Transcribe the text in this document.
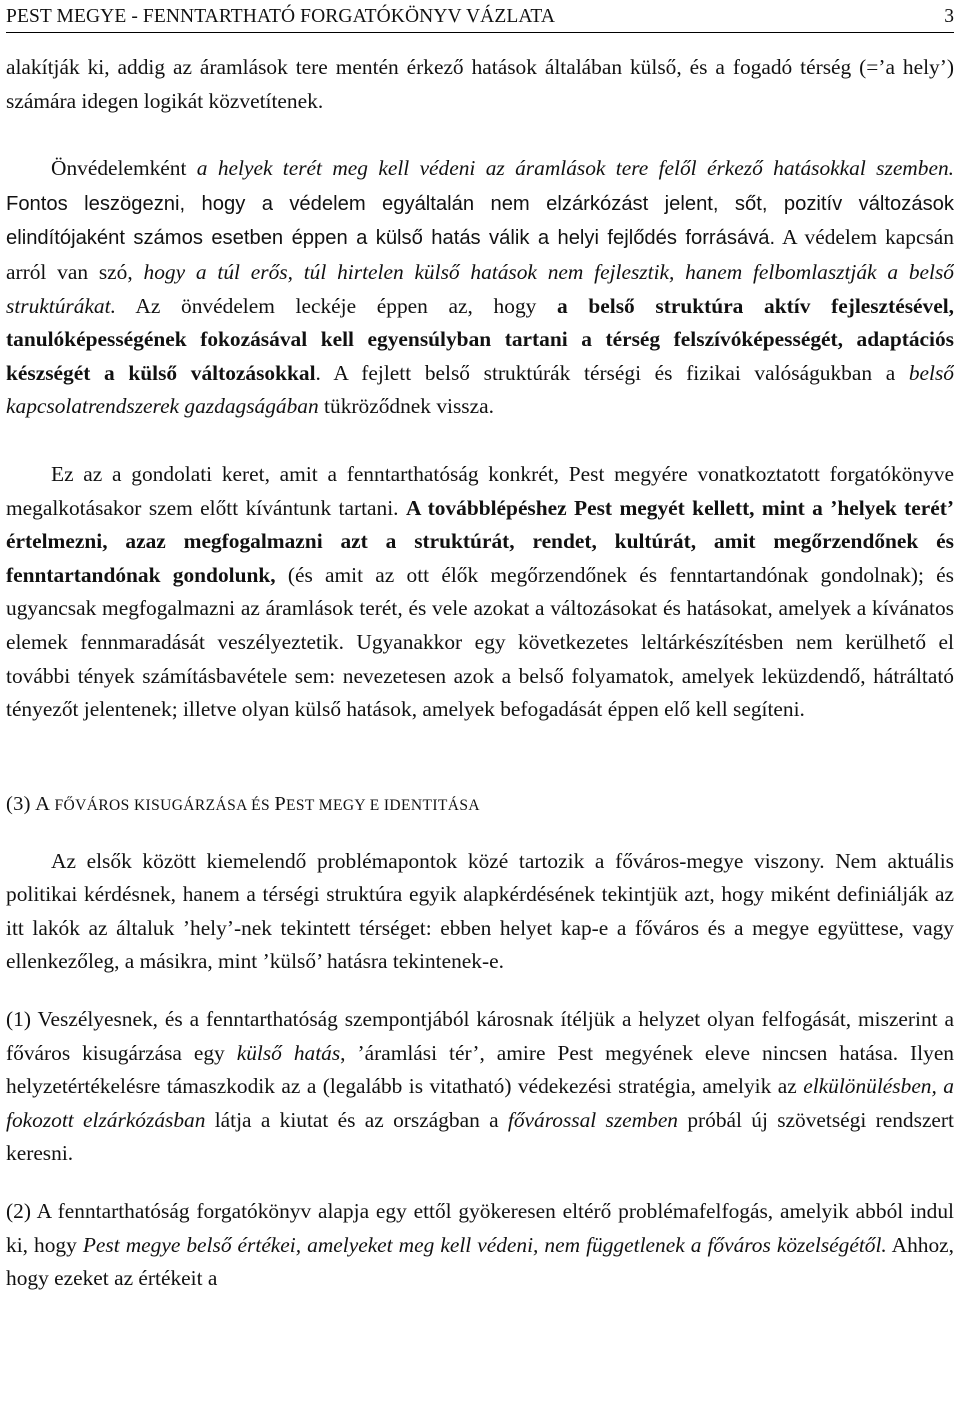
PEST MEGYE - FENNTARTHATÓ FORGATÓKÖNYV VÁZLATA	3

alakítják ki, addig az áramlások tere mentén érkező hatások általában külső, és a fogadó térség (=’a hely’) számára idegen logikát közvetítenek.

Önvédelemként a helyek terét meg kell védeni az áramlások tere felől érkező hatásokkal szemben. Fontos leszögezni, hogy a védelem egyáltalán nem elzárkózást jelent, sőt, pozitív változások elindítójaként számos esetben éppen a külső hatás válik a helyi fejlődés forrásává. A védelem kapcsán arról van szó, hogy a túl erős, túl hirtelen külső hatások nem fejlesztik, hanem felbomlasztják a belső struktúrákat. Az önvédelem leckéje éppen az, hogy a belső struktúra aktív fejlesztésével, tanulóképességének fokozásával kell egyensúlyban tartani a térség felszívóképességét, adaptációs készségét a külső változásokkal. A fejlett belső struktúrák térségi és fizikai valóságukban a belső kapcsolatrendszerek gazdagságában tükröződnek vissza.

Ez az a gondolati keret, amit a fenntarthatóság konkrét, Pest megyére vonatkoztatott forgatókönyve megalkotásakor szem előtt kívántunk tartani. A továbblépéshez Pest megyét kellett, mint a ’helyek terét’ értelmezni, azaz megfogalmazni azt a struktúrát, rendet, kultúrát, amit megőrzendőnek és fenntartandónak gondolunk, (és amit az ott élők megőrzendőnek és fenntartandónak gondolnak); és ugyancsak megfogalmazni az áramlások terét, és vele azokat a változásokat és hatásokat, amelyek a kívánatos elemek fennmaradását veszélyeztetik. Ugyanakkor egy következetes leltárkészítésben nem kerülhető el további tények számításbavétele sem: nevezetesen azok a belső folyamatok, amelyek leküzdendő, hátráltató tényezőt jelentenek; illetve olyan külső hatások, amelyek befogadását éppen elő kell segíteni.

(3) A FŐVÁROS KISUGÁRZÁSA ÉS PEST MEGY E IDENTITÁSA

Az elsők között kiemelendő problémapontok közé tartozik a főváros-megye viszony. Nem aktuális politikai kérdésnek, hanem a térségi struktúra egyik alapkérdésének tekintjük azt, hogy miként definiálják az itt lakók az általuk ’hely’-nek tekintett térséget: ebben helyet kap-e a főváros és a megye együttese, vagy ellenkezőleg, a másikra, mint ’külső’ hatásra tekintenek-e.

(1) Veszélyesnek, és a fenntarthatóság szempontjából károsnak ítéljük a helyzet olyan felfogását, miszerint a főváros kisugárzása egy külső hatás, ’áramlási tér’, amire Pest megyének eleve nincsen hatása. Ilyen helyzetértékelésre támaszkodik az a (legalább is vitatható) védekezési stratégia, amelyik az elkülönülésben, a fokozott elzárkózásban látja a kiutat és az országban a fővárossal szemben próbál új szövetségi rendszert keresni.

(2) A fenntarthatóság forgatókönyv alapja egy ettől gyökeresen eltérő problémafelfogás, amelyik abból indul ki, hogy Pest megye belső értékei, amelyeket meg kell védeni, nem függetlenek a főváros közelségétől. Ahhoz, hogy ezeket az értékeit a
